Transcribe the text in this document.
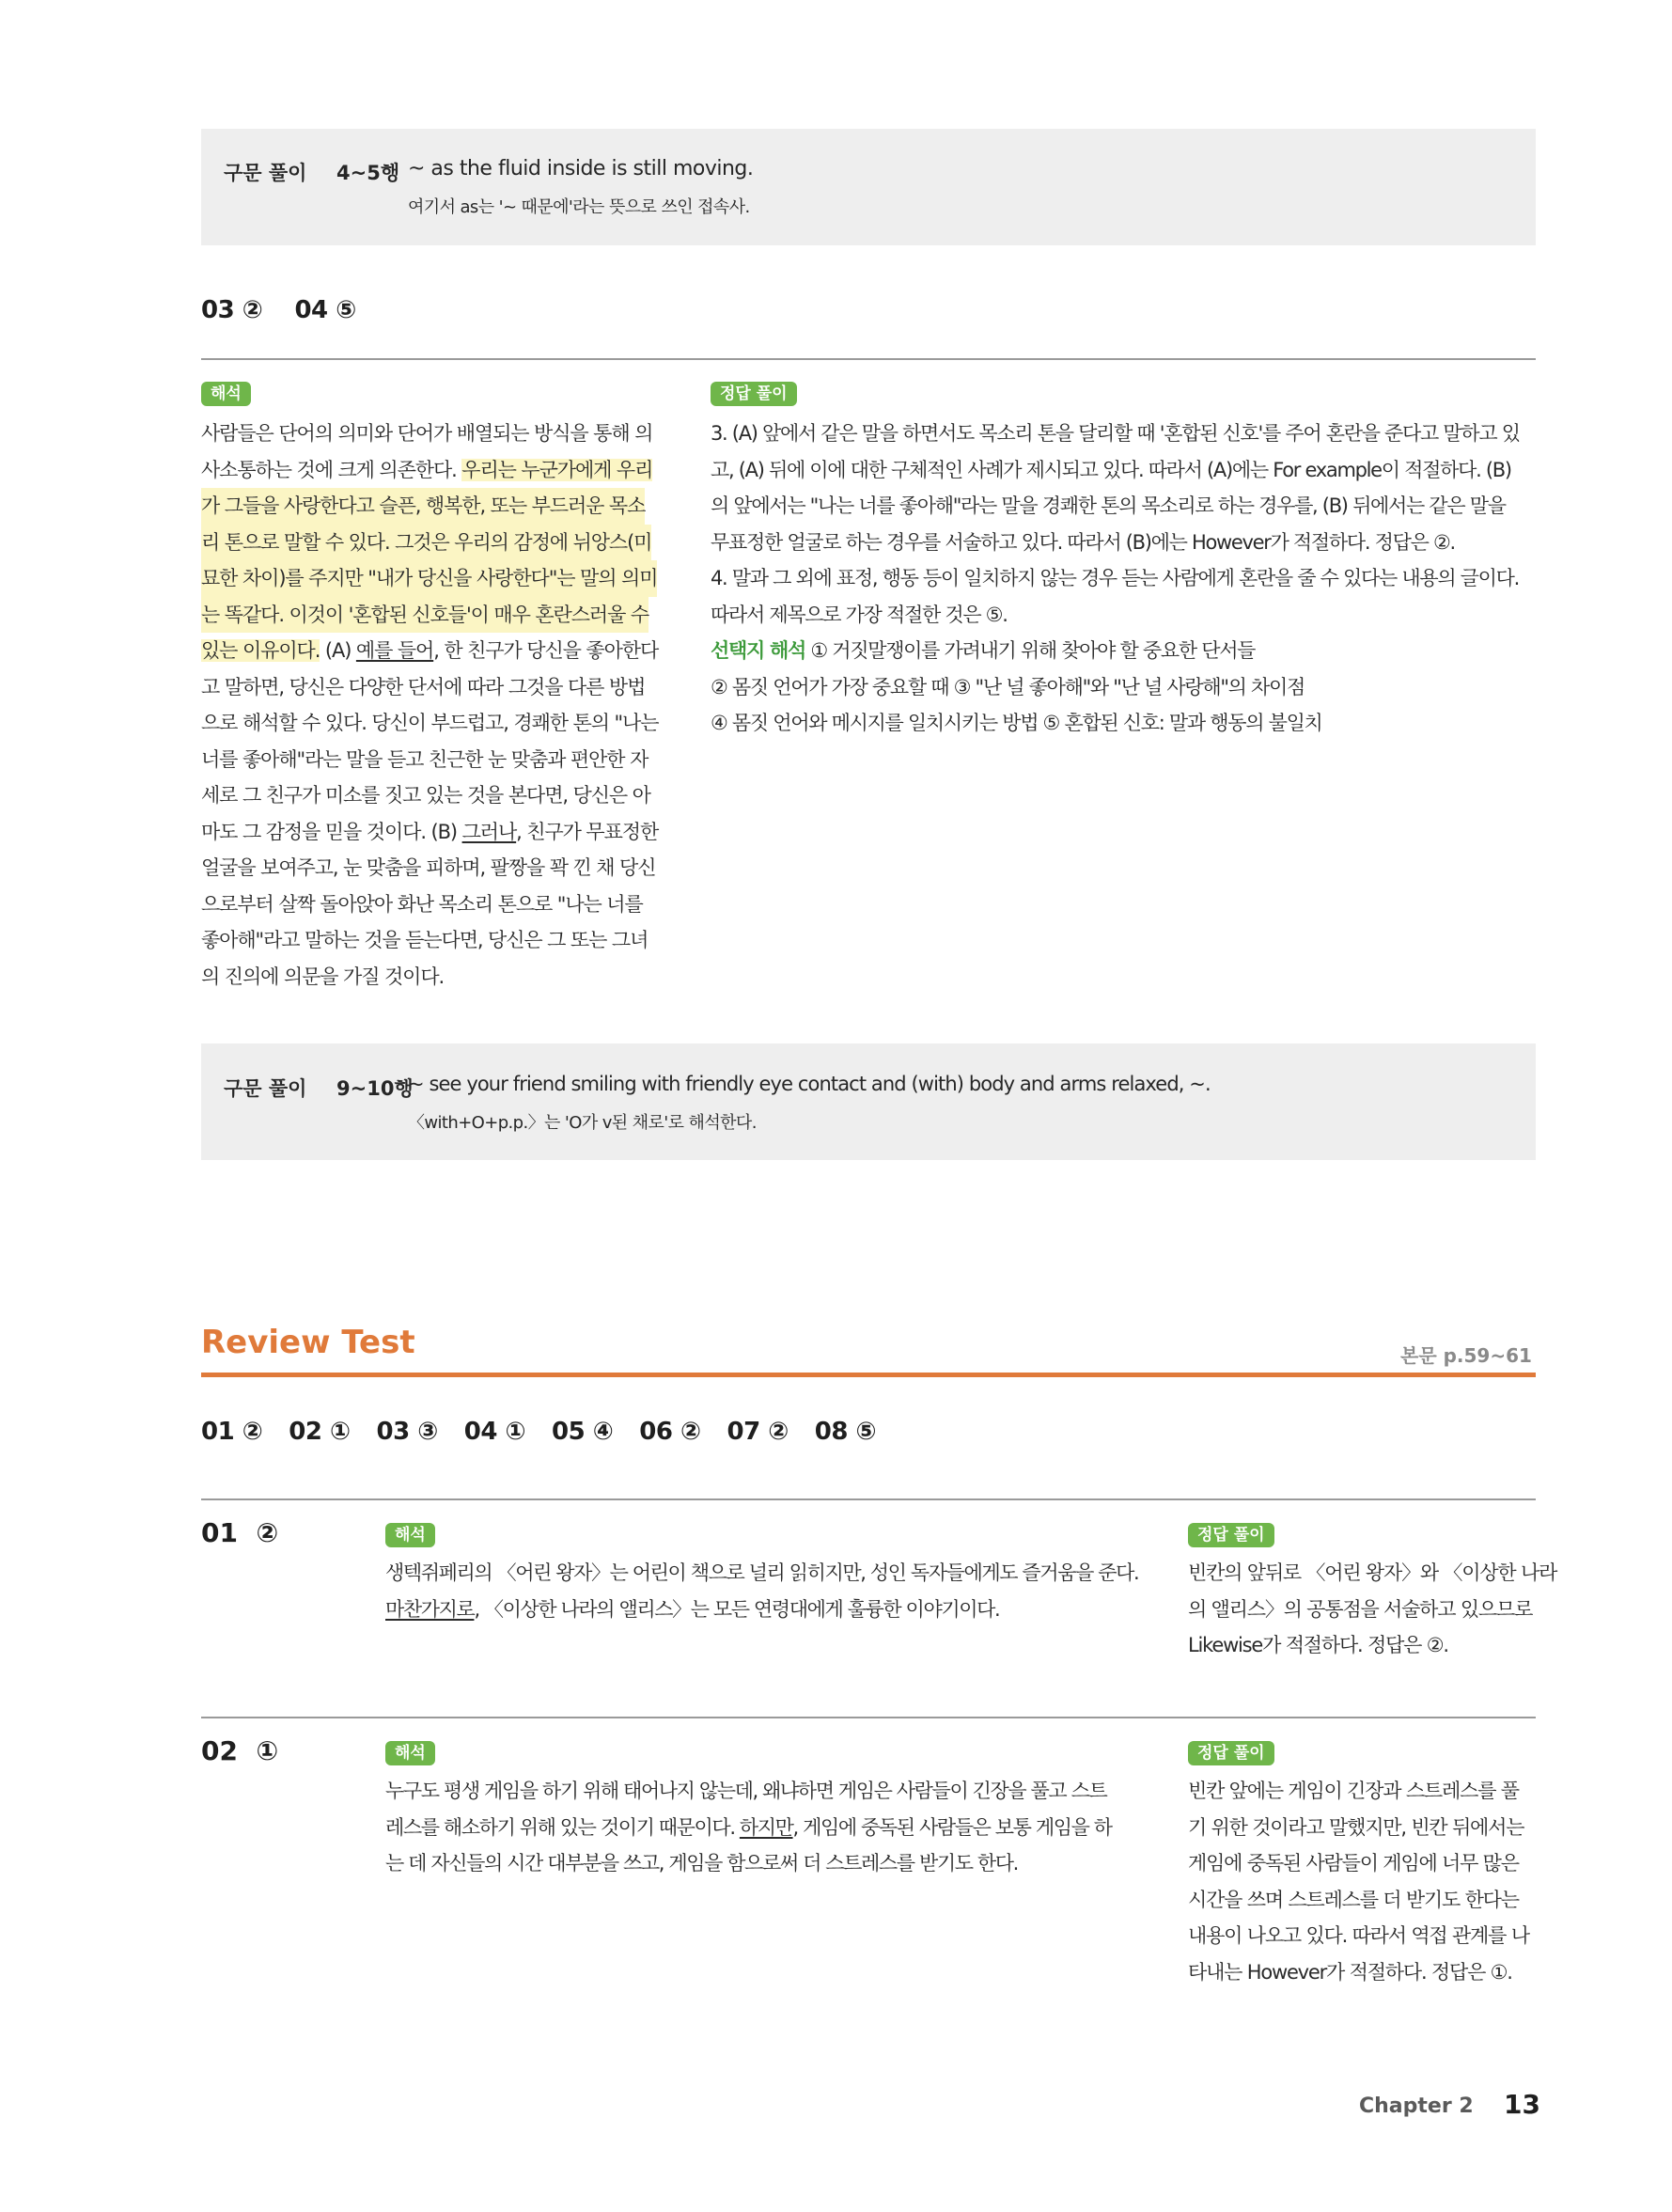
구문 풀이 4~5행 ~ as the fluid inside is still moving.
여기서 as는 '~ 때문에'라는 뜻으로 쓰인 접속사.
03 ②    04 ⑤
해석
사람들은 단어의 의미와 단어가 배열되는 방식을 통해 의
사소통하는 것에 크게 의존한다. 우리는 누군가에게 우리
가 그들을 사랑한다고 슬픈, 행복한, 또는 부드러운 목소 리 톤으로 말할 수 있다. 그것은 우리의 감정에 뉘앙스(미 묘한 차이)를 주지만 "내가 당신을 사랑한다"는 말의 의미 는 똑같다. 이것이 '혼합된 신호들'이 매우 혼란스러울 수
있는 이유이다. (A) 예를 들어, 한 친구가 당신을 좋아한다
고 말하면, 당신은 다양한 단서에 따라 그것을 다른 방법
으로 해석할 수 있다. 당신이 부드럽고, 경쾌한 톤의 "나는
너를 좋아해"라는 말을 듣고 친근한 눈 맞춤과 편안한 자
세로 그 친구가 미소를 짓고 있는 것을 본다면, 당신은 아
마도 그 감정을 믿을 것이다. (B) 그러나, 친구가 무표정한
얼굴을 보여주고, 눈 맞춤을 피하며, 팔짱을 꽉 낀 채 당신
으로부터 살짝 돌아앉아 화난 목소리 톤으로 "나는 너를
좋아해"라고 말하는 것을 듣는다면, 당신은 그 또는 그녀
의 진의에 의문을 가질 것이다.
정답 풀이
3. (A) 앞에서 같은 말을 하면서도 목소리 톤을 달리할 때 '혼합된 신호'를 주어 혼란을 준다고 말하고 있
고, (A) 뒤에 이에 대한 구체적인 사례가 제시되고 있다. 따라서 (A)에는 For example이 적절하다. (B)
의 앞에서는 "나는 너를 좋아해"라는 말을 경쾌한 톤의 목소리로 하는 경우를, (B) 뒤에서는 같은 말을
무표정한 얼굴로 하는 경우를 서술하고 있다. 따라서 (B)에는 However가 적절하다. 정답은 ②.
4. 말과 그 외에 표정, 행동 등이 일치하지 않는 경우 듣는 사람에게 혼란을 줄 수 있다는 내용의 글이다.
따라서 제목으로 가장 적절한 것은 ⑤.
선택지 해석 ① 거짓말쟁이를 가려내기 위해 찾아야 할 중요한 단서들
② 몸짓 언어가 가장 중요할 때 ③ "난 널 좋아해"와 "난 널 사랑해"의 차이점
④ 몸짓 언어와 메시지를 일치시키는 방법 ⑤ 혼합된 신호: 말과 행동의 불일치
구문 풀이 9~10행
~ see your friend smiling with friendly eye contact and (with) body and arms relaxed, ~.
〈with+O+p.p.〉는 'O가 v된 채로'로 해석한다.
Review Test	본문 p.59~61
01 ② 02 ① 03 ③ 04 ① 05 ④ 06 ② 07 ② 08 ⑤
01  ②	해석
생텍쥐페리의 〈어린 왕자〉는 어린이 책으로 널리 읽히지만, 성인 독자들에게도 즐거움을 준다.
마찬가지로, 〈이상한 나라의 앨리스〉는 모든 연령대에게 훌륭한 이야기이다.
정답 풀이
빈칸의 앞뒤로 〈어린 왕자〉와 〈이상한 나라
의 앨리스〉의 공통점을 서술하고 있으므로
Likewise가 적절하다. 정답은 ②.
02  ①	해석
누구도 평생 게임을 하기 위해 태어나지 않는데, 왜냐하면 게임은 사람들이 긴장을 풀고 스트
레스를 해소하기 위해 있는 것이기 때문이다. 하지만, 게임에 중독된 사람들은 보통 게임을 하
는 데 자신들의 시간 대부분을 쓰고, 게임을 함으로써 더 스트레스를 받기도 한다.
정답 풀이
빈칸 앞에는 게임이 긴장과 스트레스를 풀
기 위한 것이라고 말했지만, 빈칸 뒤에서는
게임에 중독된 사람들이 게임에 너무 많은
시간을 쓰며 스트레스를 더 받기도 한다는
내용이 나오고 있다. 따라서 역접 관계를 나
타내는 However가 적절하다. 정답은 ①.
Chapter 2 13
